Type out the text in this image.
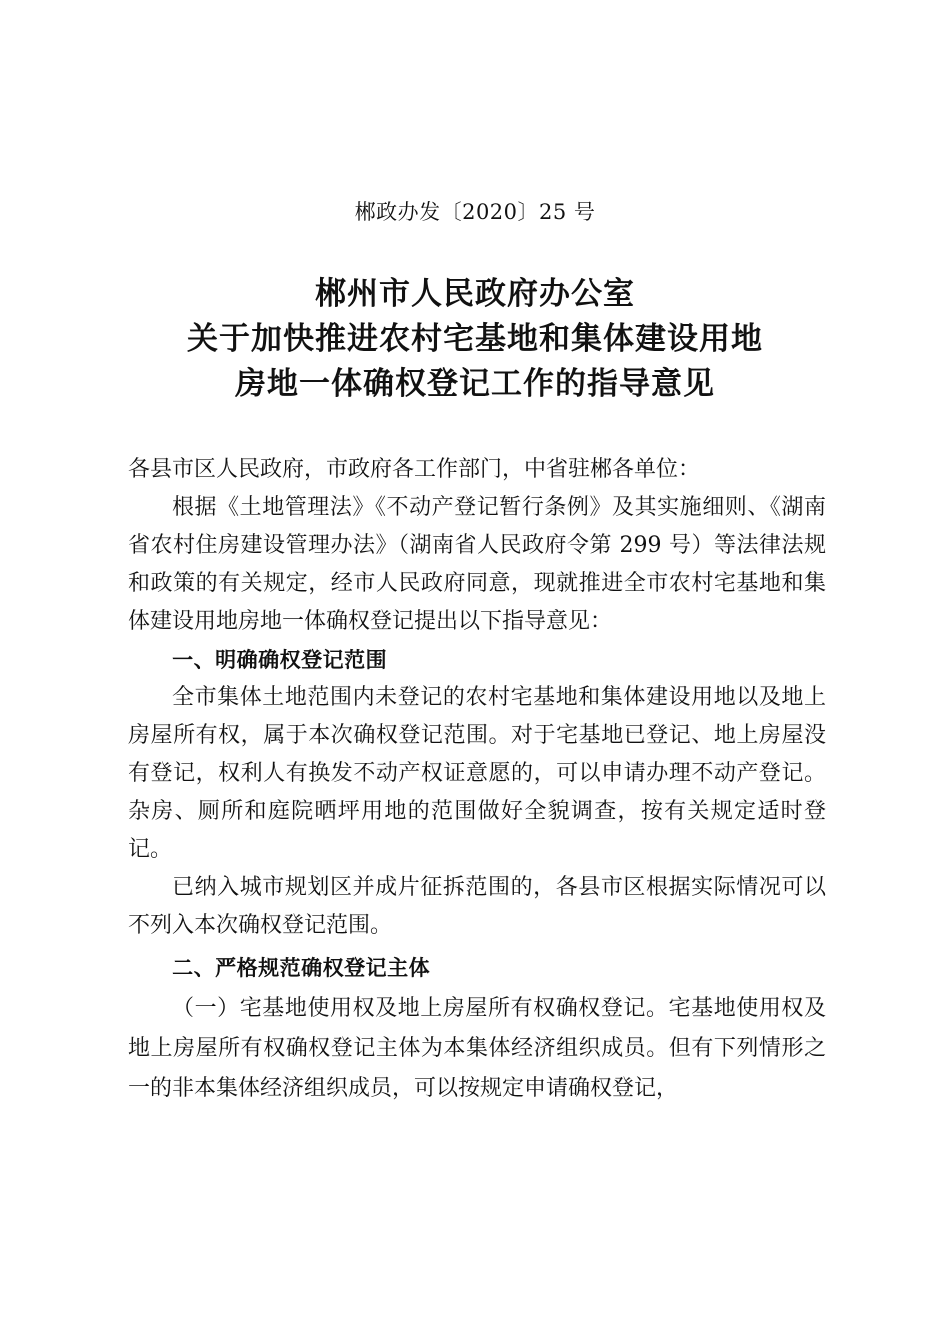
郴政办发〔2020〕25 号
郴州市人民政府办公室
关于加快推进农村宅基地和集体建设用地
房地一体确权登记工作的指导意见

各县市区人民政府，市政府各工作部门，中省驻郴各单位：

根据《土地管理法》《不动产登记暂行条例》及其实施细则、《湖南省农村住房建设管理办法》（湖南省人民政府令第 299 号）等法律法规和政策的有关规定，经市人民政府同意，现就推进全市农村宅基地和集体建设用地房地一体确权登记提出以下指导意见：

一、明确确权登记范围

全市集体土地范围内未登记的农村宅基地和集体建设用地以及地上房屋所有权，属于本次确权登记范围。对于宅基地已登记、地上房屋没有登记，权利人有换发不动产权证意愿的，可以申请办理不动产登记。杂房、厕所和庭院晒坪用地的范围做好全貌调查，按有关规定适时登记。

已纳入城市规划区并成片征拆范围的，各县市区根据实际情况可以不列入本次确权登记范围。

二、严格规范确权登记主体

（一）宅基地使用权及地上房屋所有权确权登记。宅基地使用权及地上房屋所有权确权登记主体为本集体经济组织成员。但有下列情形之一的非本集体经济组织成员，可以按规定申请确权登记，
